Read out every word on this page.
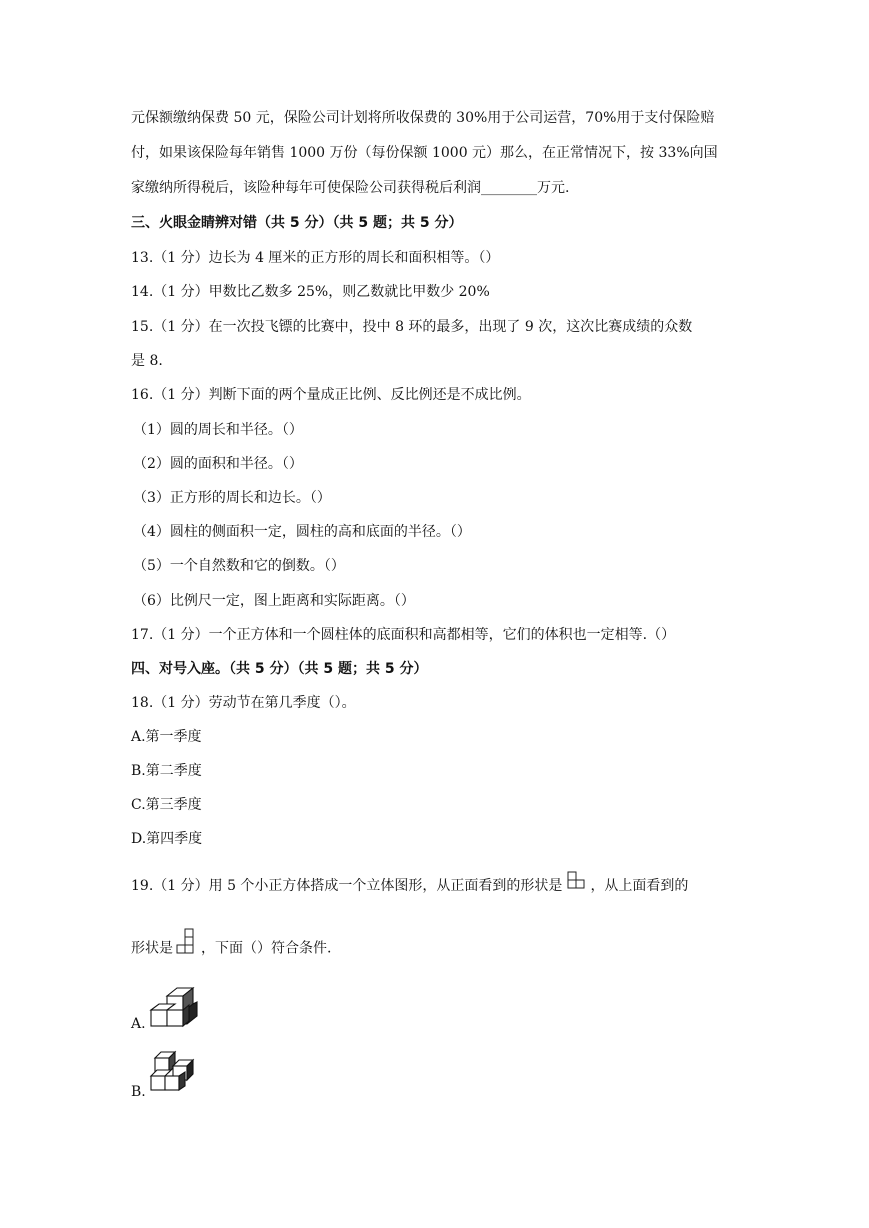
元保额缴纳保费 50 元，保险公司计划将所收保费的 30%用于公司运营，70%用于支付保险赔
付，如果该保险每年销售 1000 万份（每份保额 1000 元）那么，在正常情况下，按 33%向国
家缴纳所得税后，该险种每年可使保险公司获得税后利润________万元.
三、火眼金睛辨对错（共 5 分）（共 5 题；共 5 分）
13.（1 分）边长为 4 厘米的正方形的周长和面积相等。（）
14.（1 分）甲数比乙数多 25%，则乙数就比甲数少 20%
15.（1 分）在一次投飞镖的比赛中，投中 8 环的最多，出现了 9 次，这次比赛成绩的众数
是 8.
16.（1 分）判断下面的两个量成正比例、反比例还是不成比例。
（1）圆的周长和半径。（）
（2）圆的面积和半径。（）
（3）正方形的周长和边长。（）
（4）圆柱的侧面积一定，圆柱的高和底面的半径。（）
（5）一个自然数和它的倒数。（）
（6）比例尺一定，图上距离和实际距离。（）
17.（1 分）一个正方体和一个圆柱体的底面积和高都相等，它们的体积也一定相等.（）
四、对号入座。（共 5 分）（共 5 题；共 5 分）
18.（1 分）劳动节在第几季度（）。
A.第一季度
B.第二季度
C.第三季度
D.第四季度
19.（1 分）用 5 个小正方体搭成一个立体图形，从正面看到的形状是 ，从上面看到的
形状是 ，下面（）符合条件.
A.
B.
